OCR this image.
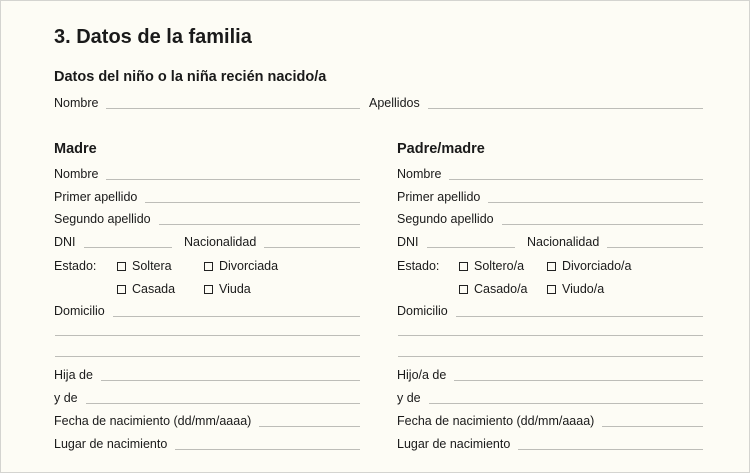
3. Datos de la familia
Datos del niño o la niña recién nacido/a
Nombre	Apellidos
Madre
Nombre
Primer apellido
Segundo apellido
DNI	Nacionalidad
Estado:	Soltera	Divorciada
Casada	Viuda
Domicilio
Hija de
y de
Fecha de nacimiento (dd/mm/aaaa)
Lugar de nacimiento
Padre/madre
Nombre
Primer apellido
Segundo apellido
DNI	Nacionalidad
Estado:	Soltero/a	Divorciado/a
Casado/a	Viudo/a
Domicilio
Hijo/a de
y de
Fecha de nacimiento (dd/mm/aaaa)
Lugar de nacimiento
